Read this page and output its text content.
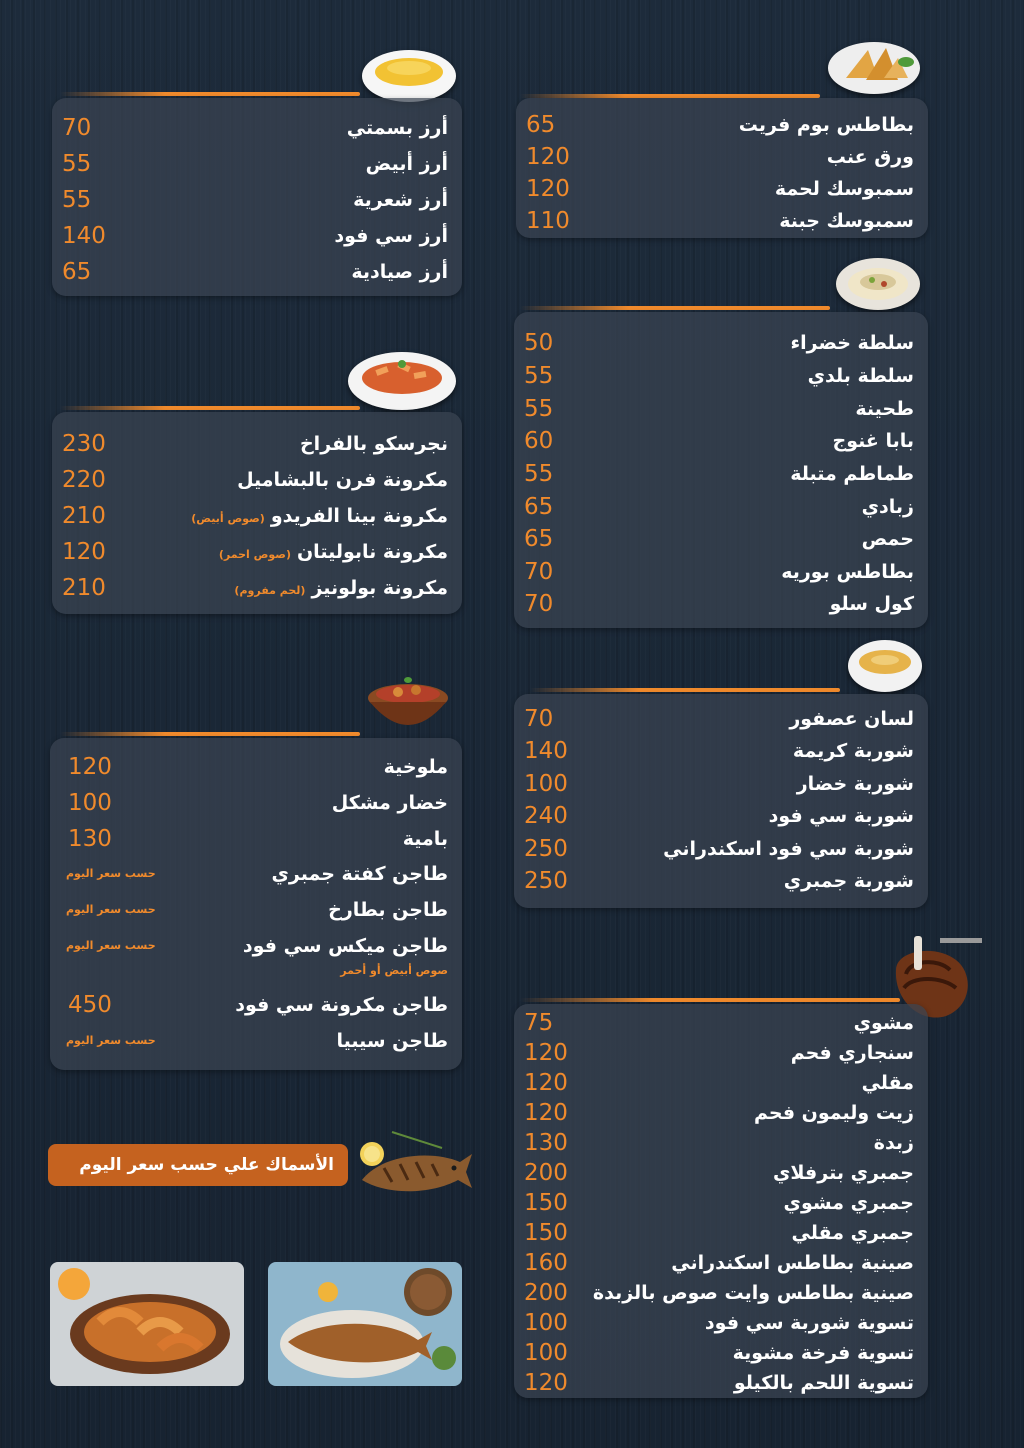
بطاطس بوم فريت
65
ورق عنب
120
سمبوسك لحمة
120
سمبوسك جبنة
110
سلطة خضراء
50
سلطة بلدي
55
طحينة
55
بابا غنوج
60
طماطم متبلة
55
زبادي
65
حمص
65
بطاطس بوريه
70
كول سلو
70
لسان عصفور
70
شوربة كريمة
140
شوربة خضار
100
شوربة سي فود
240
شوربة سي فود اسكندراني
250
شوربة جمبري
250
مشوي
75
سنجاري فحم
120
مقلي
120
زيت وليمون فحم
120
زبدة
130
جمبري بترفلاي
200
جمبري مشوي
150
جمبري مقلي
150
صينية بطاطس اسكندراني
160
صينية بطاطس وايت صوص بالزبدة
200
تسوية شوربة سي فود
100
تسوية فرخة مشوية
100
تسوية اللحم بالكيلو
120
أرز بسمتي
70
أرز أبيض
55
أرز شعرية
55
أرز سي فود
140
أرز صيادية
65
نجرسكو بالفراخ
230
مكرونة فرن بالبشاميل
220
مكرونة بينا الفريدو(صوص أبيض)
210
مكرونة نابوليتان(صوص احمر)
120
مكرونة بولونيز(لحم مفروم)
210
ملوخية
120
خضار مشكل
100
بامية
130
طاجن كفتة جمبري
حسب سعر اليوم
طاجن بطارخ
حسب سعر اليوم
طاجن ميكس سي فود
حسب سعر اليوم
صوص أبيض أو أحمر
طاجن مكرونة سي فود
450
طاجن سيبيا
حسب سعر اليوم
الأسماك علي حسب سعر اليوم
